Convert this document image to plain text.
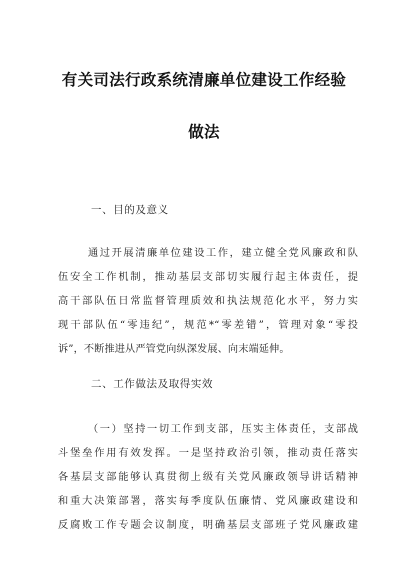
有关司法行政系统清廉单位建设工作经验
做法
一、目的及意义
通过开展清廉单位建设工作，建立健全党风廉政和队
伍安全工作机制，推动基层支部切实履行起主体责任，提
高干部队伍日常监督管理质效和执法规范化水平，努力实
现干部队伍“零违纪”，规范*“零差错”，管理对象“零投
诉”，不断推进从严管党向纵深发展、向末端延伸。
二、工作做法及取得实效
（一）坚持一切工作到支部，压实主体责任，支部战
斗堡垒作用有效发挥。一是坚持政治引领，推动责任落实
各基层支部能够认真贯彻上级有关党风廉政领导讲话精神
和重大决策部署，落实每季度队伍廉情、党风廉政建设和
反腐败工作专题会议制度，明确基层支部班子党风廉政建
